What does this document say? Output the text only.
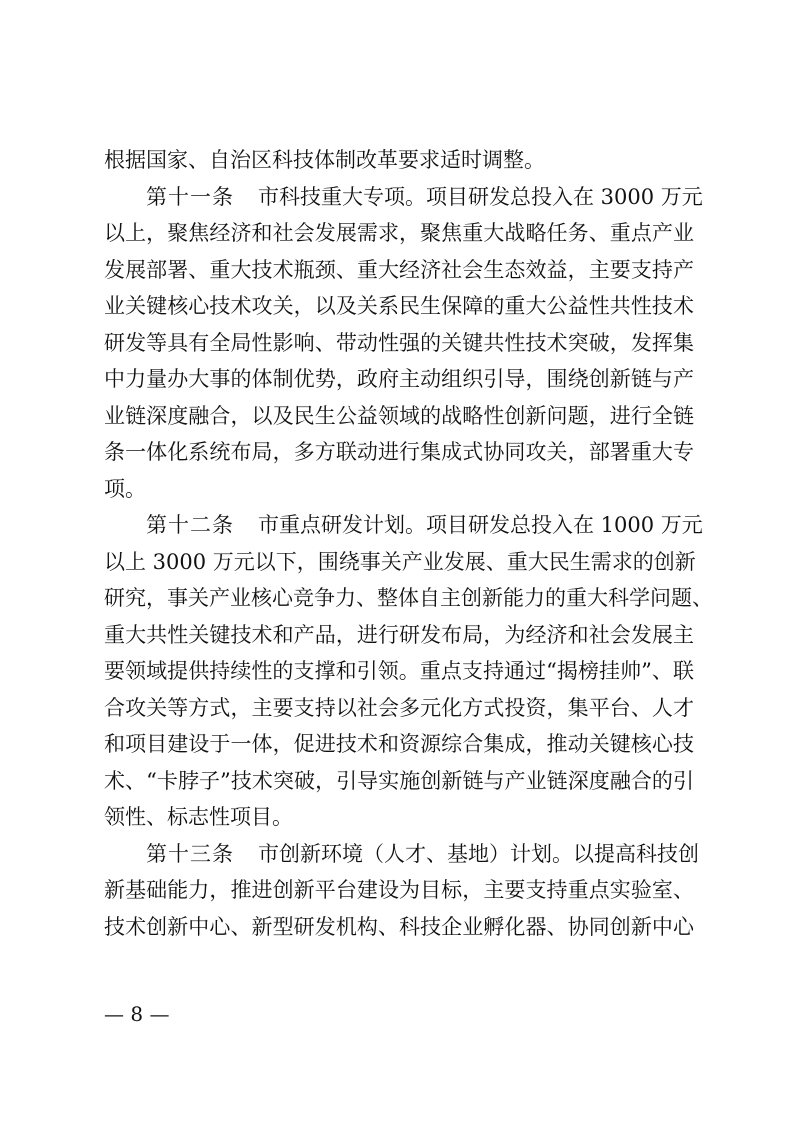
根据国家、自治区科技体制改革要求适时调整。
第十一条 市科技重大专项。项目研发总投入在 3000 万元
以上，聚焦经济和社会发展需求，聚焦重大战略任务、重点产业
发展部署、重大技术瓶颈、重大经济社会生态效益，主要支持产
业关键核心技术攻关，以及关系民生保障的重大公益性共性技术
研发等具有全局性影响、带动性强的关键共性技术突破，发挥集
中力量办大事的体制优势，政府主动组织引导，围绕创新链与产
业链深度融合，以及民生公益领域的战略性创新问题，进行全链
条一体化系统布局，多方联动进行集成式协同攻关，部署重大专
项。
第十二条 市重点研发计划。项目研发总投入在 1000 万元
以上 3000 万元以下，围绕事关产业发展、重大民生需求的创新
研究，事关产业核心竞争力、整体自主创新能力的重大科学问题、
重大共性关键技术和产品，进行研发布局，为经济和社会发展主
要领域提供持续性的支撑和引领。重点支持通过“揭榜挂帅”、联
合攻关等方式，主要支持以社会多元化方式投资，集平台、人才
和项目建设于一体，促进技术和资源综合集成，推动关键核心技
术、“卡脖子”技术突破，引导实施创新链与产业链深度融合的引
领性、标志性项目。
第十三条 市创新环境（人才、基地）计划。以提高科技创
新基础能力，推进创新平台建设为目标，主要支持重点实验室、
技术创新中心、新型研发机构、科技企业孵化器、协同创新中心
— 8 —
